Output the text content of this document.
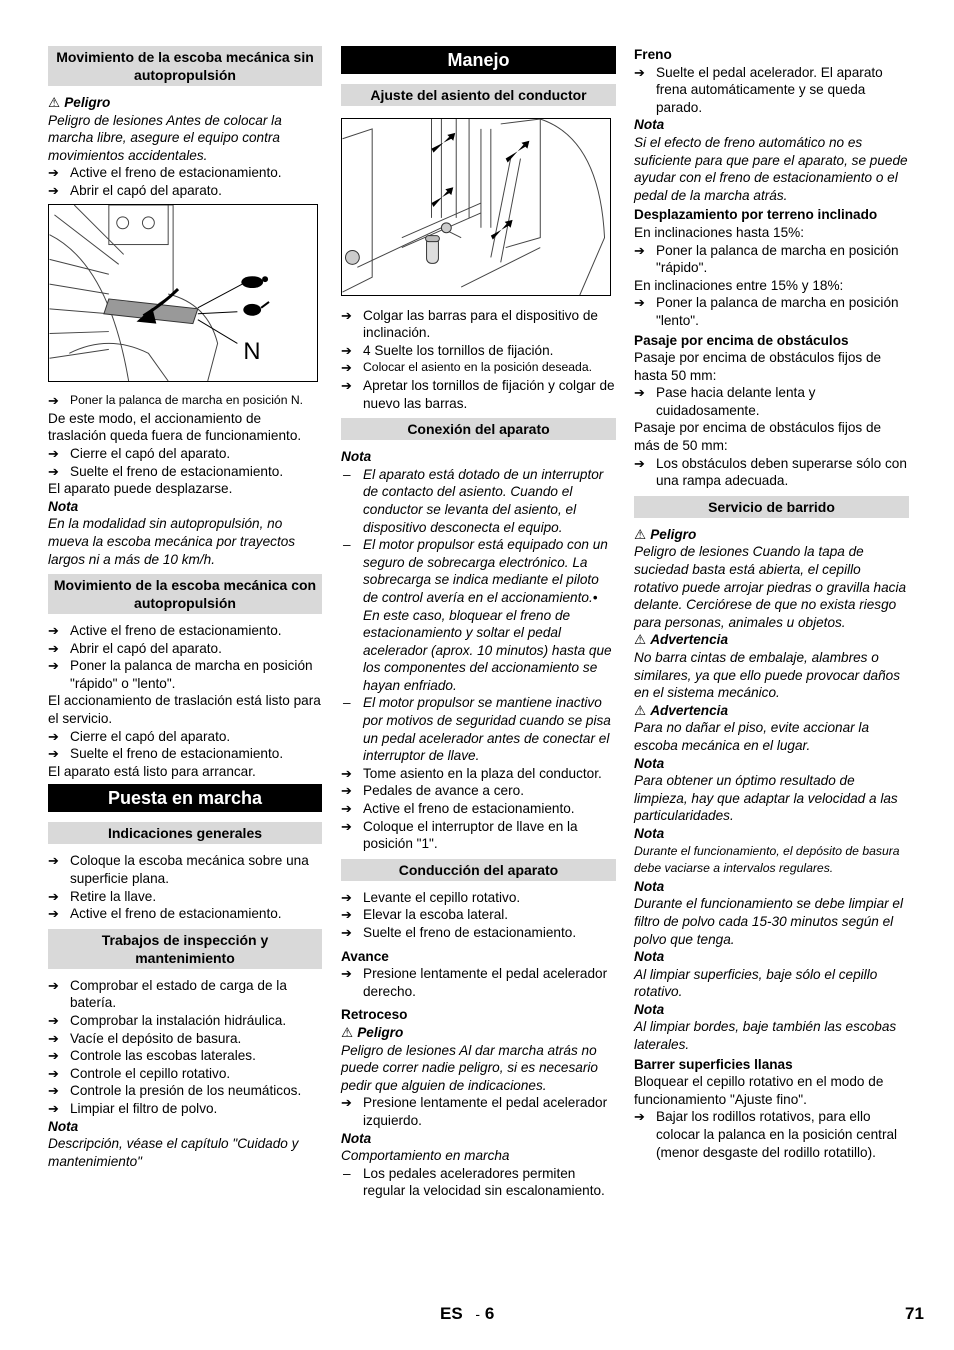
Movimiento de la escoba mecánica sin autopropulsión

⚠ Peligro

Peligro de lesiones Antes de colocar la marcha libre, asegure el equipo contra movimientos accidentales.

➔ Active el freno de estacionamiento.
➔ Abrir el capó del aparato.
N
➔ Poner la palanca de marcha en posición N.

De este modo, el accionamiento de traslación queda fuera de funcionamiento.

➔ Cierre el capó del aparato.
➔ Suelte el freno de estacionamiento.

El aparato puede desplazarse.

Nota

En la modalidad sin autopropulsión, no mueva la escoba mecánica por trayectos largos ni a más de 10 km/h.

Movimiento de la escoba mecánica con autopropulsión
➔ Active el freno de estacionamiento.
➔ Abrir el capó del aparato.
➔ Poner la palanca de marcha en posición "rápido" o "lento".

El accionamiento de traslación está listo para el servicio.

➔ Cierre el capó del aparato.
➔ Suelte el freno de estacionamiento.

El aparato está listo para arrancar.

Puesta en marcha
Indicaciones generales
➔ Coloque la escoba mecánica sobre una superficie plana.
➔ Retire la llave.
➔ Active el freno de estacionamiento.
Trabajos de inspección y mantenimiento
➔ Comprobar el estado de carga de la batería.
➔ Comprobar la instalación hidráulica.
➔ Vacíe el depósito de basura.
➔ Controle las escobas laterales.
➔ Controle el cepillo rotativo.
➔ Controle la presión de los neumáticos.
➔ Limpiar el filtro de polvo.

Nota

Descripción, véase el capítulo "Cuidado y mantenimiento"

Manejo
Ajuste del asiento del conductor
➔ Colgar las barras para el dispositivo de inclinación.
➔ 4 Suelte los tornillos de fijación.
➔ Colocar el asiento en la posición deseada.
➔ Apretar los tornillos de fijación y colgar de nuevo las barras.
Conexión del aparato

Nota

– El aparato está dotado de un interruptor de contacto del asiento. Cuando el conductor se levanta del asiento, el dispositivo desconecta el equipo.
– El motor propulsor está equipado con un seguro de sobrecarga electrónico. La sobrecarga se indica mediante el piloto de control avería en el accionamiento.• En este caso, bloquear el freno de estacionamiento y soltar el pedal acelerador (aprox. 10 minutos) hasta que los componentes del accionamiento se hayan enfriado.
– El motor propulsor se mantiene inactivo por motivos de seguridad cuando se pisa un pedal acelerador antes de conectar el interruptor de llave.
➔ Tome asiento en la plaza del conductor.
➔ Pedales de avance a cero.
➔ Active el freno de estacionamiento.
➔ Coloque el interruptor de llave en la posición "1".
Conducción del aparato
➔ Levante el cepillo rotativo.
➔ Elevar la escoba lateral.
➔ Suelte el freno de estacionamiento.

Avance

➔ Presione lentamente el pedal acelerador derecho.

Retroceso

⚠ Peligro

Peligro de lesiones Al dar marcha atrás no puede correr nadie peligro, si es necesario pedir que alguien de indicaciones.

➔ Presione lentamente el pedal acelerador izquierdo.

Nota

Comportamiento en marcha

– Los pedales aceleradores permiten regular la velocidad sin escalonamiento.

Freno

➔ Suelte el pedal acelerador. El aparato frena automáticamente y se queda parado.

Nota

Si el efecto de freno automático no es suficiente para que pare el aparato, se puede ayudar con el freno de estacionamiento o el pedal de la marcha atrás.

Desplazamiento por terreno inclinado

En inclinaciones hasta 15%:

➔ Poner la palanca de marcha en posición "rápido".

En inclinaciones entre 15% y 18%:

➔ Poner la palanca de marcha en posición "lento".

Pasaje por encima de obstáculos

Pasaje por encima de obstáculos fijos de hasta 50 mm:

➔ Pase hacia delante lenta y cuidadosamente.

Pasaje por encima de obstáculos fijos de más de 50 mm:

➔ Los obstáculos deben superarse sólo con una rampa adecuada.
Servicio de barrido

⚠ Peligro

Peligro de lesiones Cuando la tapa de suciedad basta está abierta, el cepillo rotativo puede arrojar piedras o gravilla hacia delante. Cerciórese de que no exista riesgo para personas, animales u objetos.

⚠ Advertencia

No barra cintas de embalaje, alambres o similares, ya que ello puede provocar daños en el sistema mecánico.

⚠ Advertencia

Para no dañar el piso, evite accionar la escoba mecánica en el lugar.

Nota

Para obtener un óptimo resultado de limpieza, hay que adaptar la velocidad a las particularidades.

Nota

Durante el funcionamiento, el depósito de basura debe vaciarse a intervalos regulares.

Nota

Durante el funcionamiento se debe limpiar el filtro de polvo cada 15-30 minutos según el polvo que tenga.

Nota

Al limpiar superficies, baje sólo el cepillo rotativo.

Nota

Al limpiar bordes, baje también las escobas laterales.

Barrer superficies llanas

Bloquear el cepillo rotativo en el modo de funcionamiento "Ajuste fino".

➔ Bajar los rodillos rotativos, para ello colocar la palanca en la posición central (menor desgaste del rodillo rotatillo).
ES - 6	71
